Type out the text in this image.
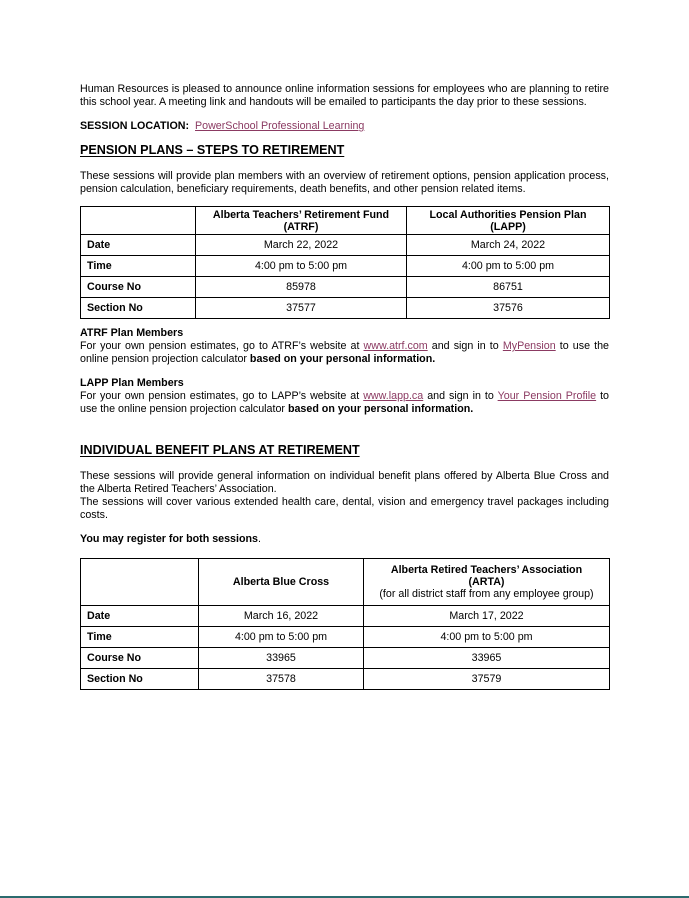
Human Resources is pleased to announce online information sessions for employees who are planning to retire this school year. A meeting link and handouts will be emailed to participants the day prior to these sessions.

SESSION LOCATION: PowerSchool Professional Learning

PENSION PLANS – STEPS TO RETIREMENT

These sessions will provide plan members with an overview of retirement options, pension application process, pension calculation, beneficiary requirements, death benefits, and other pension related items.

	Alberta Teachers’ Retirement Fund
(ATRF)	Local Authorities Pension Plan
(LAPP)
Date	March 22, 2022	March 24, 2022
Time	4:00 pm to 5:00 pm	4:00 pm to 5:00 pm
Course No	85978	86751
Section No	37577	37576
ATRF Plan Members

For your own pension estimates, go to ATRF’s website at www.atrf.com and sign in to MyPension to use the online pension projection calculator based on your personal information.

LAPP Plan Members

For your own pension estimates, go to LAPP’s website at www.lapp.ca and sign in to Your Pension Profile to use the online pension projection calculator based on your personal information.

INDIVIDUAL BENEFIT PLANS AT RETIREMENT

These sessions will provide general information on individual benefit plans offered by Alberta Blue Cross and the Alberta Retired Teachers’ Association.

The sessions will cover various extended health care, dental, vision and emergency travel packages including costs.

You may register for both sessions.

	Alberta Blue Cross	Alberta Retired Teachers’ Association
(ARTA)
(for all district staff from any employee group)
Date	March 16, 2022	March 17, 2022
Time	4:00 pm to 5:00 pm	4:00 pm to 5:00 pm
Course No	33965	33965
Section No	37578	37579
